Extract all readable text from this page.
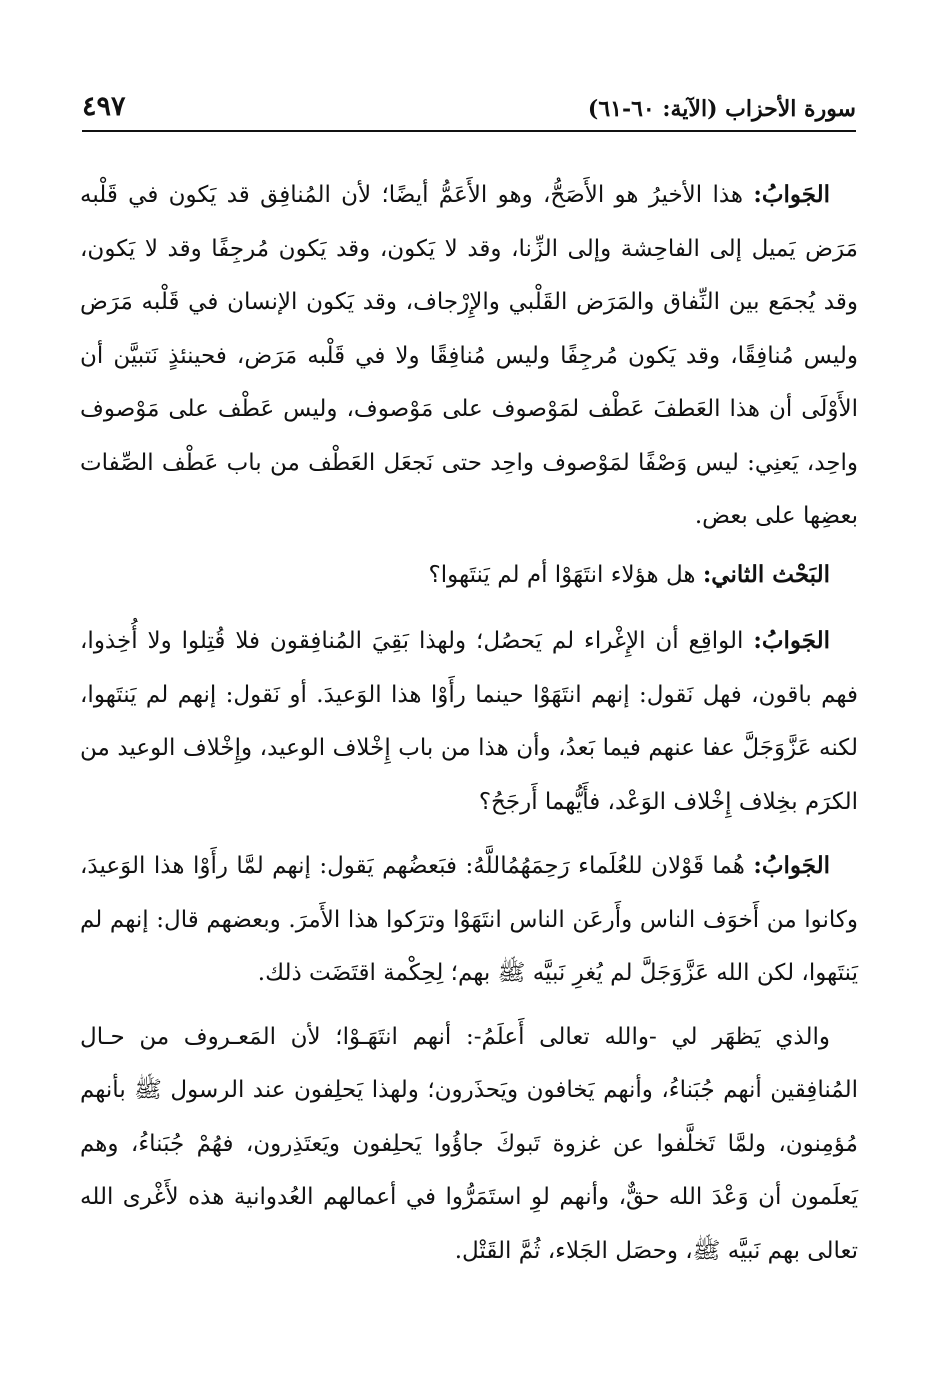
٤٩٧	سورة الأحزاب (الآية: ٦٠-٦١)

الجَوابُ: هذا الأخيرُ هو الأَصَحُّ، وهو الأَعَمُّ أيضًا؛ لأن المُنافِق قد يَكون في قَلْبه مَرَض يَميل إلى الفاحِشة وإلى الزِّنا، وقد لا يَكون، وقد يَكون مُرجِفًا وقد لا يَكون، وقد يُجمَع بين النِّفاق والمَرَض القَلْبي والإِرْجاف، وقد يَكون الإنسان في قَلْبه مَرَض وليس مُنافِقًا، وقد يَكون مُرجِفًا وليس مُنافِقًا ولا في قَلْبه مَرَض، فحينئذٍ نَتبيَّن أن الأَوْلَى أن هذا العَطفَ عَطْف لمَوْصوف على مَوْصوف، وليس عَطْف على مَوْصوف واحِد، يَعنِي: ليس وَصْفًا لمَوْصوف واحِد حتى نَجعَل العَطْف من باب عَطْف الصِّفات بعضِها على بعض.

البَحْث الثاني: هل هؤلاء انتَهَوْا أم لم يَنتَهوا؟

الجَوابُ: الواقِع أن الإِغْراء لم يَحصُل؛ ولهذا بَقِيَ المُنافِقون فلا قُتِلوا ولا أُخِذوا، فهم باقون، فهل نَقول: إنهم انتَهَوْا حينما رأَوْا هذا الوَعيدَ. أو نَقول: إنهم لم يَنتَهوا، لكنه عَزَّوَجَلَّ عفا عنهم فيما بَعدُ، وأن هذا من باب إِخْلاف الوعيد، وإِخْلاف الوعيد من الكرَم بخِلاف إِخْلاف الوَعْد، فأَيُّهما أَرجَحُ؟

الجَوابُ: هُما قَوْلان للعُلَماء رَحِمَهُمُاللَّهُ: فبَعضُهم يَقول: إنهم لمَّا رأَوْا هذا الوَعيدَ، وكانوا من أَخوَف الناس وأَرعَن الناس انتَهَوْا وترَكوا هذا الأَمرَ. وبعضهم قال: إنهم لم يَنتَهوا، لكن الله عَزَّوَجَلَّ لم يُغرِ نَبيَّه ﷺ بهم؛ لِحِكْمة اقتَضَت ذلك.

والذي يَظهَر لي -والله تعالى أَعلَمُ-: أنهم انتَهَـوْا؛ لأن المَعـروف من حـال المُنافِقين أنهم جُبَناءُ، وأنهم يَخافون ويَحذَرون؛ ولهذا يَحلِفون عند الرسول ﷺ بأنهم مُؤمِنون، ولمَّا تَخلَّفوا عن غزوة تَبوكَ جاؤُوا يَحلِفون ويَعتَذِرون، فهُمْ جُبَناءُ، وهم يَعلَمون أن وَعْدَ الله حقٌّ، وأنهم لوِ استَمَرُّوا في أعمالهم العُدوانية هذه لأَغْرى الله تعالى بهم نَبيَّه ﷺ، وحصَل الجَلاء، ثُمَّ القَتْل.
